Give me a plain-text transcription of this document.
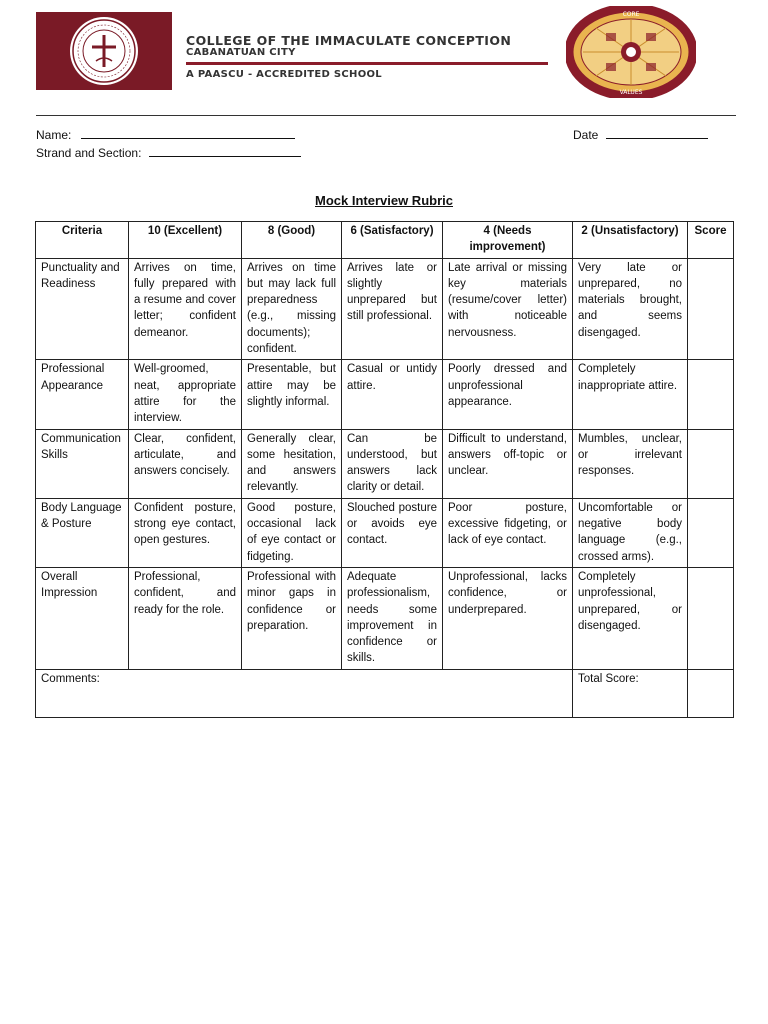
COLLEGE OF THE IMMACULATE CONCEPTION
CABANATUAN CITY
A PAASCU - ACCREDITED SCHOOL
CORE
VALUES
Name:	Date
Strand and Section:
Mock Interview Rubric
Criteria	10 (Excellent)	8 (Good)	6 (Satisfactory)	4 (Needs improvement)	2 (Unsatisfactory)	Score
Punctuality and Readiness	Arrives on time, fully prepared with a resume and cover letter; confident demeanor.	Arrives on time but may lack full preparedness (e.g., missing documents); confident.	Arrives late or slightly unprepared but still professional.	Late arrival or missing key materials (resume/cover letter) with noticeable nervousness.	Very late or unprepared, no materials brought, and seems disengaged.	
Professional Appearance	Well-groomed, neat, appropriate attire for the interview.	Presentable, but attire may be slightly informal.	Casual or untidy attire.	Poorly dressed and unprofessional appearance.	Completely inappropriate attire.	
Communication Skills	Clear, confident, articulate, and answers concisely.	Generally clear, some hesitation, and answers relevantly.	Can be understood, but answers lack clarity or detail.	Difficult to understand, answers off-topic or unclear.	Mumbles, unclear, or irrelevant responses.	
Body Language & Posture	Confident posture, strong eye contact, open gestures.	Good posture, occasional lack of eye contact or fidgeting.	Slouched posture or avoids eye contact.	Poor posture, excessive fidgeting, or lack of eye contact.	Uncomfortable or negative body language (e.g., crossed arms).	
Overall Impression	Professional, confident, and ready for the role.	Professional with minor gaps in confidence or preparation.	Adequate professionalism, needs some improvement in confidence or skills.	Unprofessional, lacks confidence, or underprepared.	Completely unprofessional, unprepared, or disengaged.	
Comments:					Total Score:	
